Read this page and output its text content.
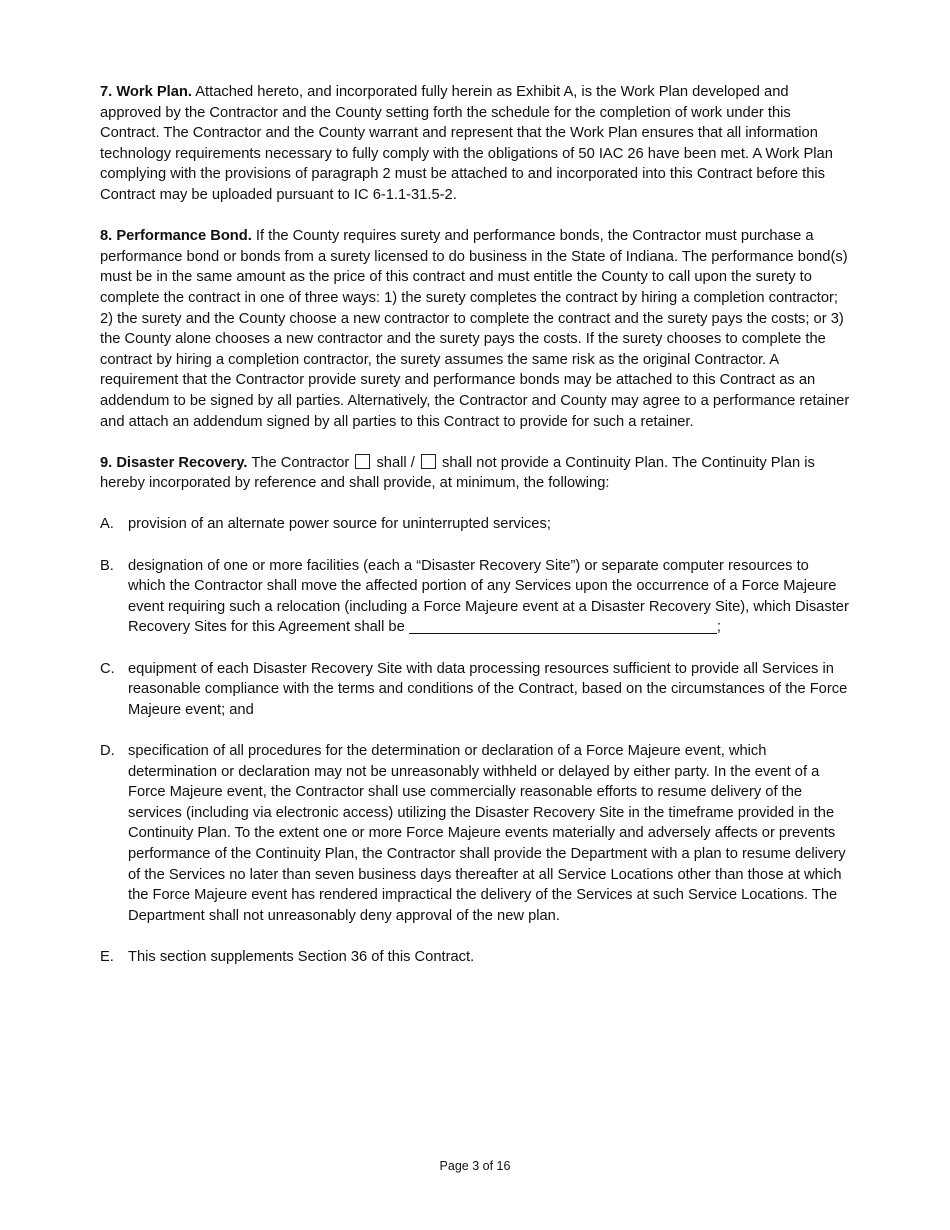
7. Work Plan. Attached hereto, and incorporated fully herein as Exhibit A, is the Work Plan developed and approved by the Contractor and the County setting forth the schedule for the completion of work under this Contract. The Contractor and the County warrant and represent that the Work Plan ensures that all information technology requirements necessary to fully comply with the obligations of 50 IAC 26 have been met. A Work Plan complying with the provisions of paragraph 2 must be attached to and incorporated into this Contract before this Contract may be uploaded pursuant to IC 6-1.1-31.5-2.

8. Performance Bond. If the County requires surety and performance bonds, the Contractor must purchase a performance bond or bonds from a surety licensed to do business in the State of Indiana. The performance bond(s) must be in the same amount as the price of this contract and must entitle the County to call upon the surety to complete the contract in one of three ways: 1) the surety completes the contract by hiring a completion contractor; 2) the surety and the County choose a new contractor to complete the contract and the surety pays the costs; or 3) the County alone chooses a new contractor and the surety pays the costs. If the surety chooses to complete the contract by hiring a completion contractor, the surety assumes the same risk as the original Contractor. A requirement that the Contractor provide surety and performance bonds may be attached to this Contract as an addendum to be signed by all parties. Alternatively, the Contractor and County may agree to a performance retainer and attach an addendum signed by all parties to this Contract to provide for such a retainer.

9. Disaster Recovery. The Contractor  shall /  shall not provide a Continuity Plan. The Continuity Plan is hereby incorporated by reference and shall provide, at minimum, the following:

A. provision of an alternate power source for uninterrupted services;
B. designation of one or more facilities (each a “Disaster Recovery Site”) or separate computer resources to which the Contractor shall move the affected portion of any Services upon the occurrence of a Force Majeure event requiring such a relocation (including a Force Majeure event at a Disaster Recovery Site), which Disaster Recovery Sites for this Agreement shall be	;
C. equipment of each Disaster Recovery Site with data processing resources sufficient to provide all Services in reasonable compliance with the terms and conditions of the Contract, based on the circumstances of the Force Majeure event; and
D. specification of all procedures for the determination or declaration of a Force Majeure event, which determination or declaration may not be unreasonably withheld or delayed by either party. In the event of a Force Majeure event, the Contractor shall use commercially reasonable efforts to resume delivery of the services (including via electronic access) utilizing the Disaster Recovery Site in the timeframe provided in the Continuity Plan. To the extent one or more Force Majeure events materially and adversely affects or prevents performance of the Continuity Plan, the Contractor shall provide the Department with a plan to resume delivery of the Services no later than seven business days thereafter at all Service Locations other than those at which the Force Majeure event has rendered impractical the delivery of the Services at such Service Locations. The Department shall not unreasonably deny approval of the new plan.
E. This section supplements Section 36 of this Contract.
Page 3 of 16
